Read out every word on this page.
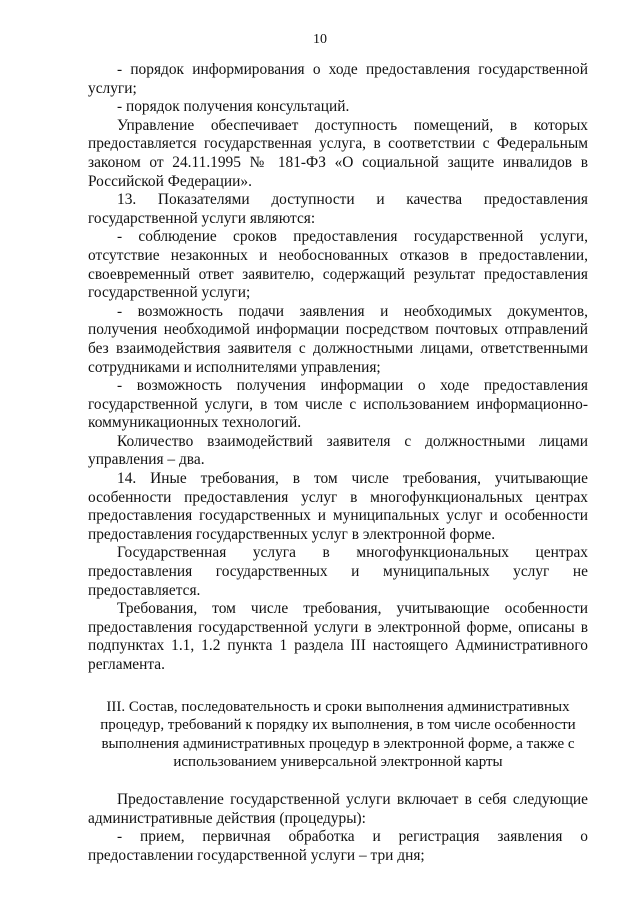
10

- порядок информирования о ходе предоставления государственной услуги;

- порядок получения консультаций.

Управление обеспечивает доступность помещений, в которых предоставляется государственная услуга, в соответствии с Федеральным законом от 24.11.1995 № 181-ФЗ «О социальной защите инвалидов в Российской Федерации».

13. Показателями доступности и качества предоставления государственной услуги являются:

- соблюдение сроков предоставления государственной услуги, отсутствие незаконных и необоснованных отказов в предоставлении, своевременный ответ заявителю, содержащий результат предоставления государственной услуги;

- возможность подачи заявления и необходимых документов, получения необходимой информации посредством почтовых отправлений без взаимодействия заявителя с должностными лицами, ответственными сотрудниками и исполнителями управления;

- возможность получения информации о ходе предоставления государственной услуги, в том числе с использованием информационно-коммуникационных технологий.

Количество взаимодействий заявителя с должностными лицами управления – два.

14. Иные требования, в том числе требования, учитывающие особенности предоставления услуг в многофункциональных центрах предоставления государственных и муниципальных услуг и особенности предоставления государственных услуг в электронной форме.

Государственная услуга в многофункциональных центрах предоставления государственных и муниципальных услуг не предоставляется.

Требования, том числе требования, учитывающие особенности предоставления государственной услуги в электронной форме, описаны в подпунктах 1.1, 1.2 пункта 1 раздела III настоящего Административного регламента.

III. Состав, последовательность и сроки выполнения административных процедур, требований к порядку их выполнения, в том числе особенности выполнения административных процедур в электронной форме, а также с использованием универсальной электронной карты

Предоставление государственной услуги включает в себя следующие административные действия (процедуры):

- прием, первичная обработка и регистрация заявления о предоставлении государственной услуги – три дня;
